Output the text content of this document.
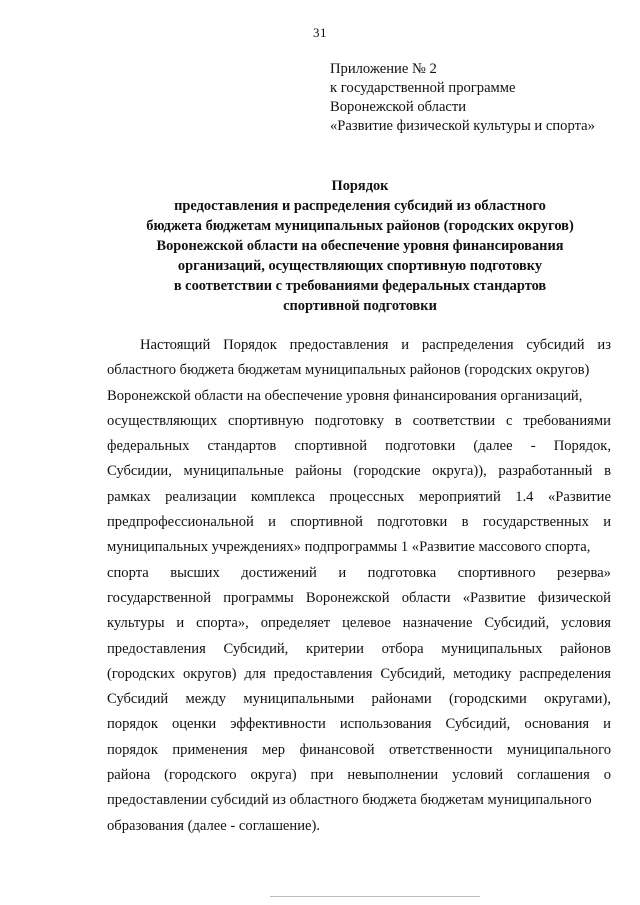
31
Приложение № 2
к государственной программе
Воронежской области
«Развитие физической культуры и спорта»
Порядок
предоставления и распределения субсидий из областного
бюджета бюджетам муниципальных районов (городских округов)
Воронежской области на обеспечение уровня финансирования
организаций, осуществляющих спортивную подготовку
в соответствии с требованиями федеральных стандартов
спортивной подготовки
Настоящий Порядок предоставления и распределения субсидий из
областного бюджета бюджетам муниципальных районов (городских округов)
Воронежской области на обеспечение уровня финансирования организаций,
осуществляющих спортивную подготовку в соответствии с требованиями
федеральных стандартов спортивной подготовки (далее - Порядок,
Субсидии, муниципальные районы (городские округа)), разработанный в
рамках реализации комплекса процессных мероприятий 1.4 «Развитие
предпрофессиональной и спортивной подготовки в государственных и
муниципальных учреждениях» подпрограммы 1 «Развитие массового спорта,
спорта высших достижений и подготовка спортивного резерва»
государственной программы Воронежской области «Развитие физической
культуры и спорта», определяет целевое назначение Субсидий, условия
предоставления Субсидий, критерии отбора муниципальных районов
(городских округов) для предоставления Субсидий, методику распределения
Субсидий между муниципальными районами (городскими округами),
порядок оценки эффективности использования Субсидий, основания и
порядок применения мер финансовой ответственности муниципального
района (городского округа) при невыполнении условий соглашения о
предоставлении субсидий из областного бюджета бюджетам муниципального
образования (далее - соглашение).
